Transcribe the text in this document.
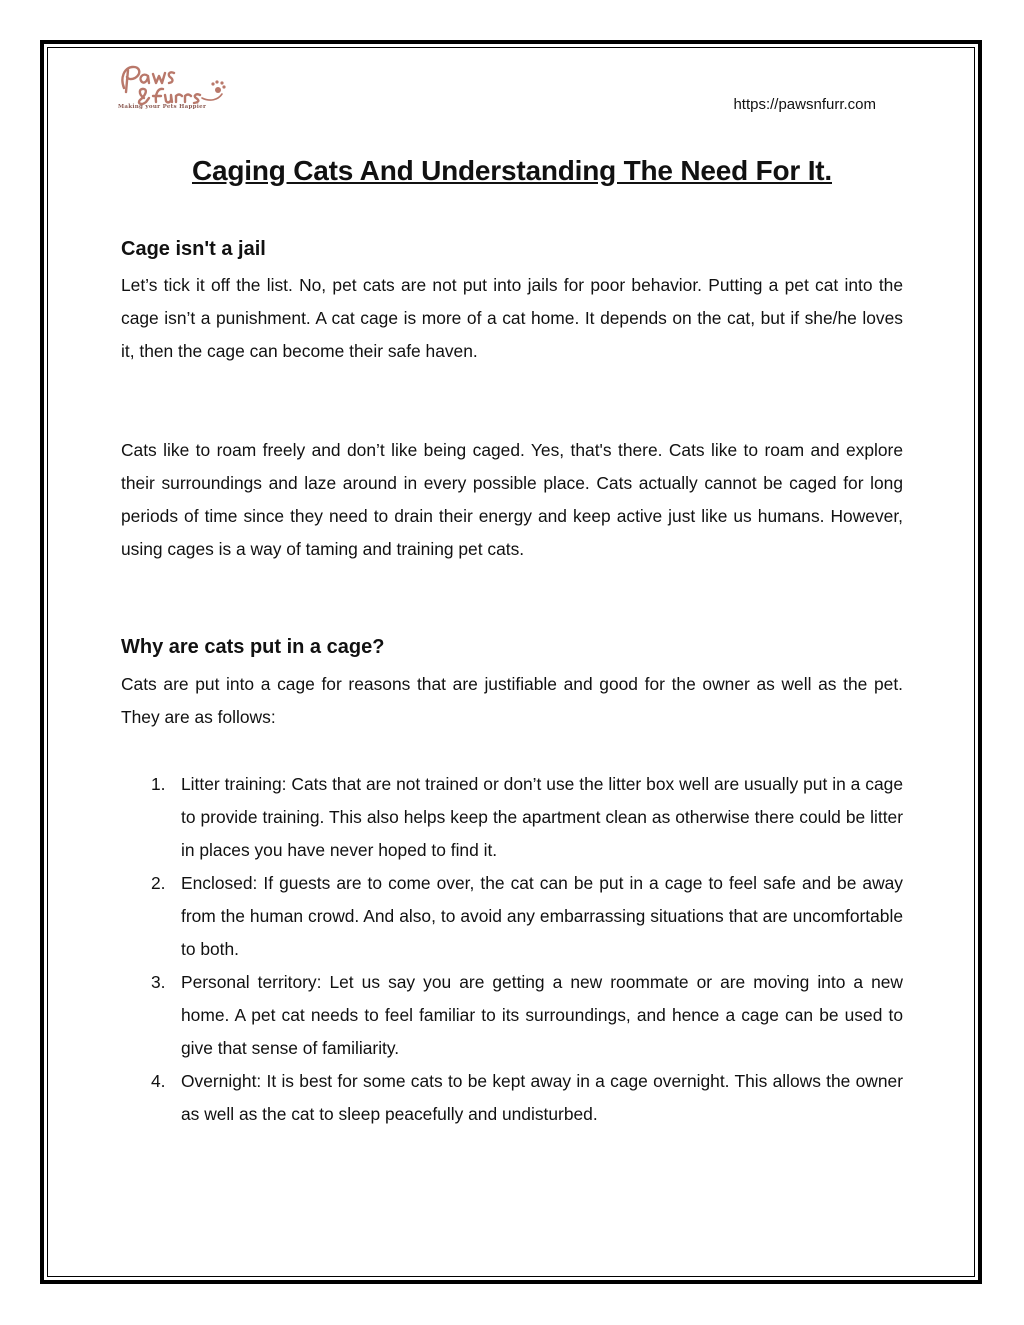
Making your Pets Happier	https://pawsnfurr.com
Caging Cats And Understanding The Need For It.
Cage isn't a jail

Let’s tick it off the list. No, pet cats are not put into jails for poor behavior. Putting a pet cat into the cage isn’t a punishment. A cat cage is more of a cat home. It depends on the cat, but if she/he loves it, then the cage can become their safe haven.

Cats like to roam freely and don’t like being caged. Yes, that's there. Cats like to roam and explore their surroundings and laze around in every possible place. Cats actually cannot be caged for long periods of time since they need to drain their energy and keep active just like us humans. However, using cages is a way of taming and training pet cats.

Why are cats put in a cage?

Cats are put into a cage for reasons that are justifiable and good for the owner as well as the pet. They are as follows:

1. Litter training: Cats that are not trained or don’t use the litter box well are usually put in a cage to provide training. This also helps keep the apartment clean as otherwise there could be litter in places you have never hoped to find it.
2. Enclosed: If guests are to come over, the cat can be put in a cage to feel safe and be away from the human crowd. And also, to avoid any embarrassing situations that are uncomfortable to both.
3. Personal territory: Let us say you are getting a new roommate or are moving into a new home. A pet cat needs to feel familiar to its surroundings, and hence a cage can be used to give that sense of familiarity.
4. Overnight: It is best for some cats to be kept away in a cage overnight. This allows the owner as well as the cat to sleep peacefully and undisturbed.
